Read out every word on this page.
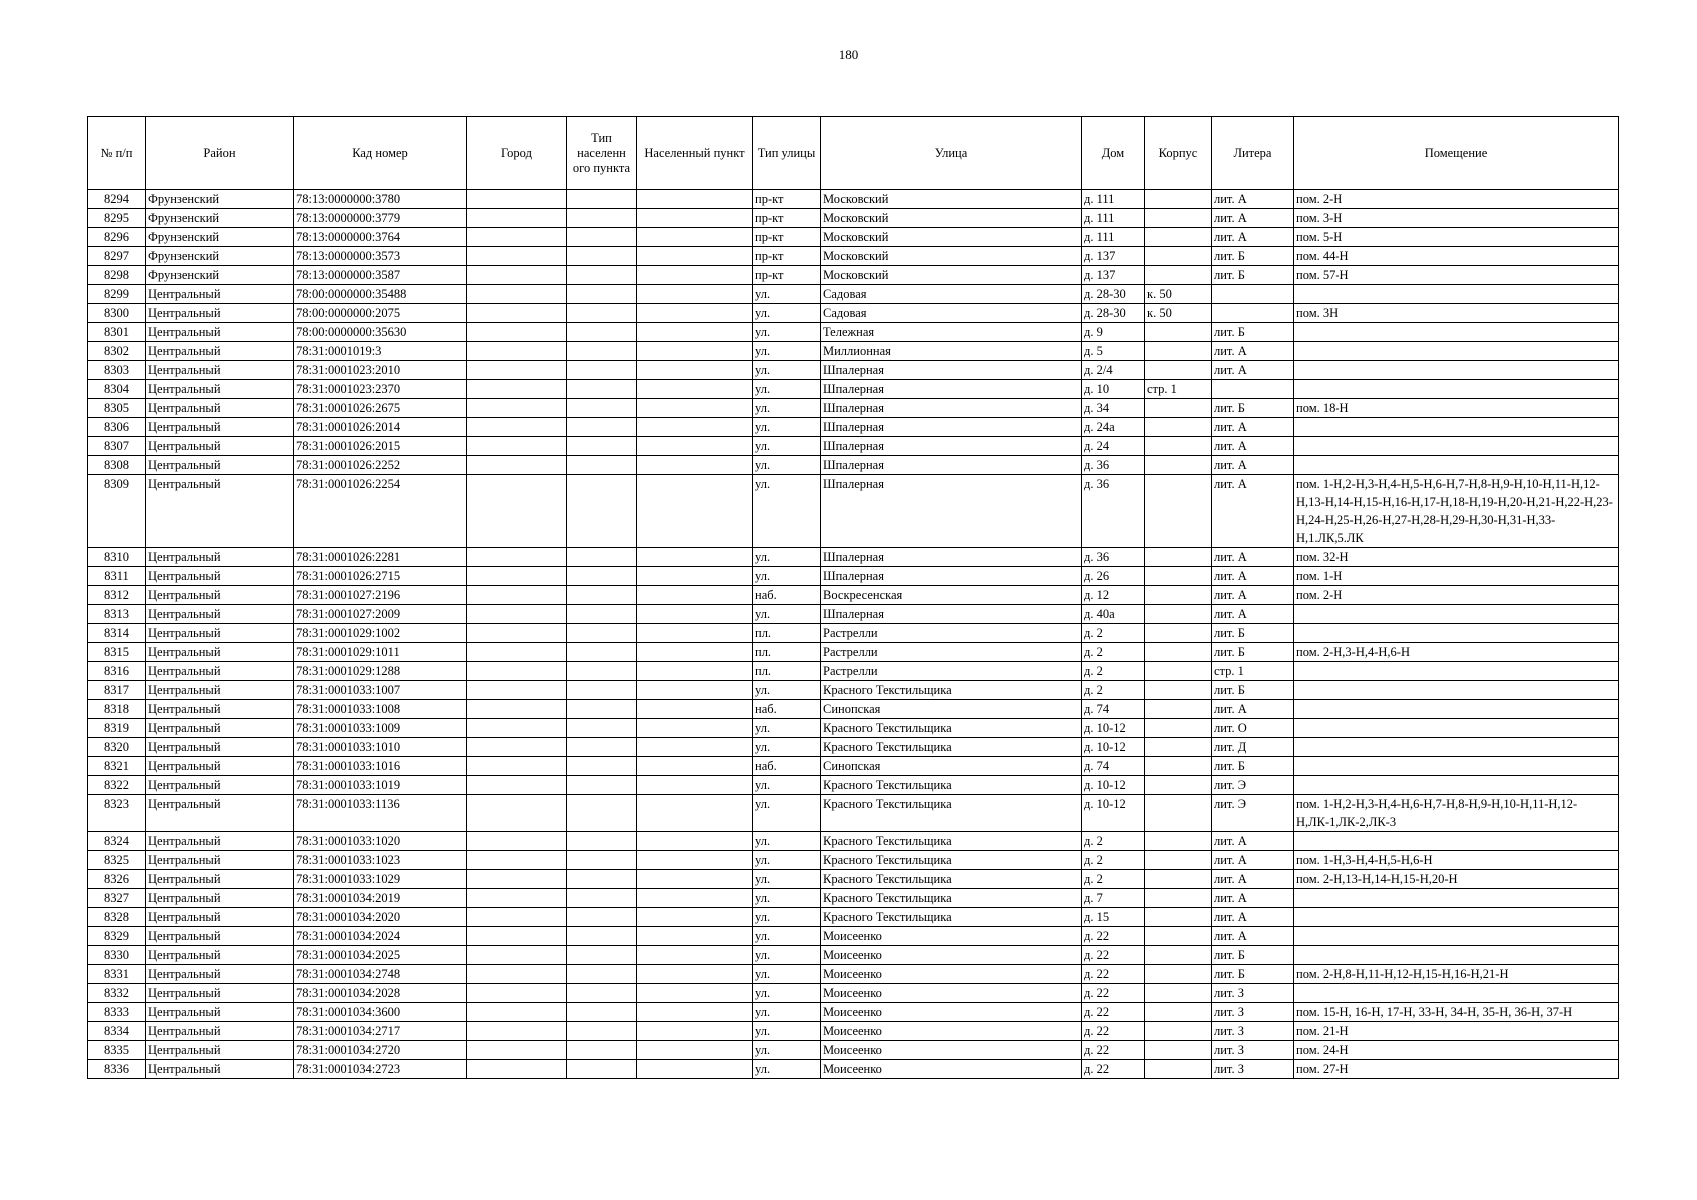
180
№ п/п	Район	Кад номер	Город	Тип населенн ого пункта	Населенный пункт	Тип улицы	Улица	Дом	Корпус	Литера	Помещение
8294	Фрунзенский	78:13:0000000:3780				пр-кт	Московский	д. 111		лит. А	пом. 2-Н
8295	Фрунзенский	78:13:0000000:3779				пр-кт	Московский	д. 111		лит. А	пом. 3-Н
8296	Фрунзенский	78:13:0000000:3764				пр-кт	Московский	д. 111		лит. А	пом. 5-Н
8297	Фрунзенский	78:13:0000000:3573				пр-кт	Московский	д. 137		лит. Б	пом. 44-Н
8298	Фрунзенский	78:13:0000000:3587				пр-кт	Московский	д. 137		лит. Б	пом. 57-Н
8299	Центральный	78:00:0000000:35488				ул.	Садовая	д. 28-30	к. 50		
8300	Центральный	78:00:0000000:2075				ул.	Садовая	д. 28-30	к. 50		пом. 3Н
8301	Центральный	78:00:0000000:35630				ул.	Тележная	д. 9		лит. Б	
8302	Центральный	78:31:0001019:3				ул.	Миллионная	д. 5		лит. А	
8303	Центральный	78:31:0001023:2010				ул.	Шпалерная	д. 2/4		лит. А	
8304	Центральный	78:31:0001023:2370				ул.	Шпалерная	д. 10	стр. 1		
8305	Центральный	78:31:0001026:2675				ул.	Шпалерная	д. 34		лит. Б	пом. 18-Н
8306	Центральный	78:31:0001026:2014				ул.	Шпалерная	д. 24а		лит. А	
8307	Центральный	78:31:0001026:2015				ул.	Шпалерная	д. 24		лит. А	
8308	Центральный	78:31:0001026:2252				ул.	Шпалерная	д. 36		лит. А	
8309	Центральный	78:31:0001026:2254				ул.	Шпалерная	д. 36		лит. А	пом. 1-Н,2-Н,3-Н,4-Н,5-Н,6-Н,7-Н,8-Н,9-Н,10-Н,11-Н,12-Н,13-Н,14-Н,15-Н,16-Н,17-Н,18-Н,19-Н,20-Н,21-Н,22-Н,23-Н,24-Н,25-Н,26-Н,27-Н,28-Н,29-Н,30-Н,31-Н,33-Н,1.ЛК,5.ЛК
8310	Центральный	78:31:0001026:2281				ул.	Шпалерная	д. 36		лит. А	пом. 32-Н
8311	Центральный	78:31:0001026:2715				ул.	Шпалерная	д. 26		лит. А	пом. 1-Н
8312	Центральный	78:31:0001027:2196				наб.	Воскресенская	д. 12		лит. А	пом. 2-Н
8313	Центральный	78:31:0001027:2009				ул.	Шпалерная	д. 40а		лит. А	
8314	Центральный	78:31:0001029:1002				пл.	Растрелли	д. 2		лит. Б	
8315	Центральный	78:31:0001029:1011				пл.	Растрелли	д. 2		лит. Б	пом. 2-Н,3-Н,4-Н,6-Н
8316	Центральный	78:31:0001029:1288				пл.	Растрелли	д. 2		стр. 1	
8317	Центральный	78:31:0001033:1007				ул.	Красного Текстильщика	д. 2		лит. Б	
8318	Центральный	78:31:0001033:1008				наб.	Синопская	д. 74		лит. А	
8319	Центральный	78:31:0001033:1009				ул.	Красного Текстильщика	д. 10-12		лит. О	
8320	Центральный	78:31:0001033:1010				ул.	Красного Текстильщика	д. 10-12		лит. Д	
8321	Центральный	78:31:0001033:1016				наб.	Синопская	д. 74		лит. Б	
8322	Центральный	78:31:0001033:1019				ул.	Красного Текстильщика	д. 10-12		лит. Э	
8323	Центральный	78:31:0001033:1136				ул.	Красного Текстильщика	д. 10-12		лит. Э	пом. 1-Н,2-Н,3-Н,4-Н,6-Н,7-Н,8-Н,9-Н,10-Н,11-Н,12-Н,ЛК-1,ЛК-2,ЛК-3
8324	Центральный	78:31:0001033:1020				ул.	Красного Текстильщика	д. 2		лит. А	
8325	Центральный	78:31:0001033:1023				ул.	Красного Текстильщика	д. 2		лит. А	пом. 1-Н,3-Н,4-Н,5-Н,6-Н
8326	Центральный	78:31:0001033:1029				ул.	Красного Текстильщика	д. 2		лит. А	пом. 2-Н,13-Н,14-Н,15-Н,20-Н
8327	Центральный	78:31:0001034:2019				ул.	Красного Текстильщика	д. 7		лит. А	
8328	Центральный	78:31:0001034:2020				ул.	Красного Текстильщика	д. 15		лит. А	
8329	Центральный	78:31:0001034:2024				ул.	Моисеенко	д. 22		лит. А	
8330	Центральный	78:31:0001034:2025				ул.	Моисеенко	д. 22		лит. Б	
8331	Центральный	78:31:0001034:2748				ул.	Моисеенко	д. 22		лит. Б	пом. 2-Н,8-Н,11-Н,12-Н,15-Н,16-Н,21-Н
8332	Центральный	78:31:0001034:2028				ул.	Моисеенко	д. 22		лит. З	
8333	Центральный	78:31:0001034:3600				ул.	Моисеенко	д. 22		лит. З	пом. 15-Н, 16-Н, 17-Н, 33-Н, 34-Н, 35-Н, 36-Н, 37-Н
8334	Центральный	78:31:0001034:2717				ул.	Моисеенко	д. 22		лит. З	пом. 21-Н
8335	Центральный	78:31:0001034:2720				ул.	Моисеенко	д. 22		лит. З	пом. 24-Н
8336	Центральный	78:31:0001034:2723				ул.	Моисеенко	д. 22		лит. З	пом. 27-Н
